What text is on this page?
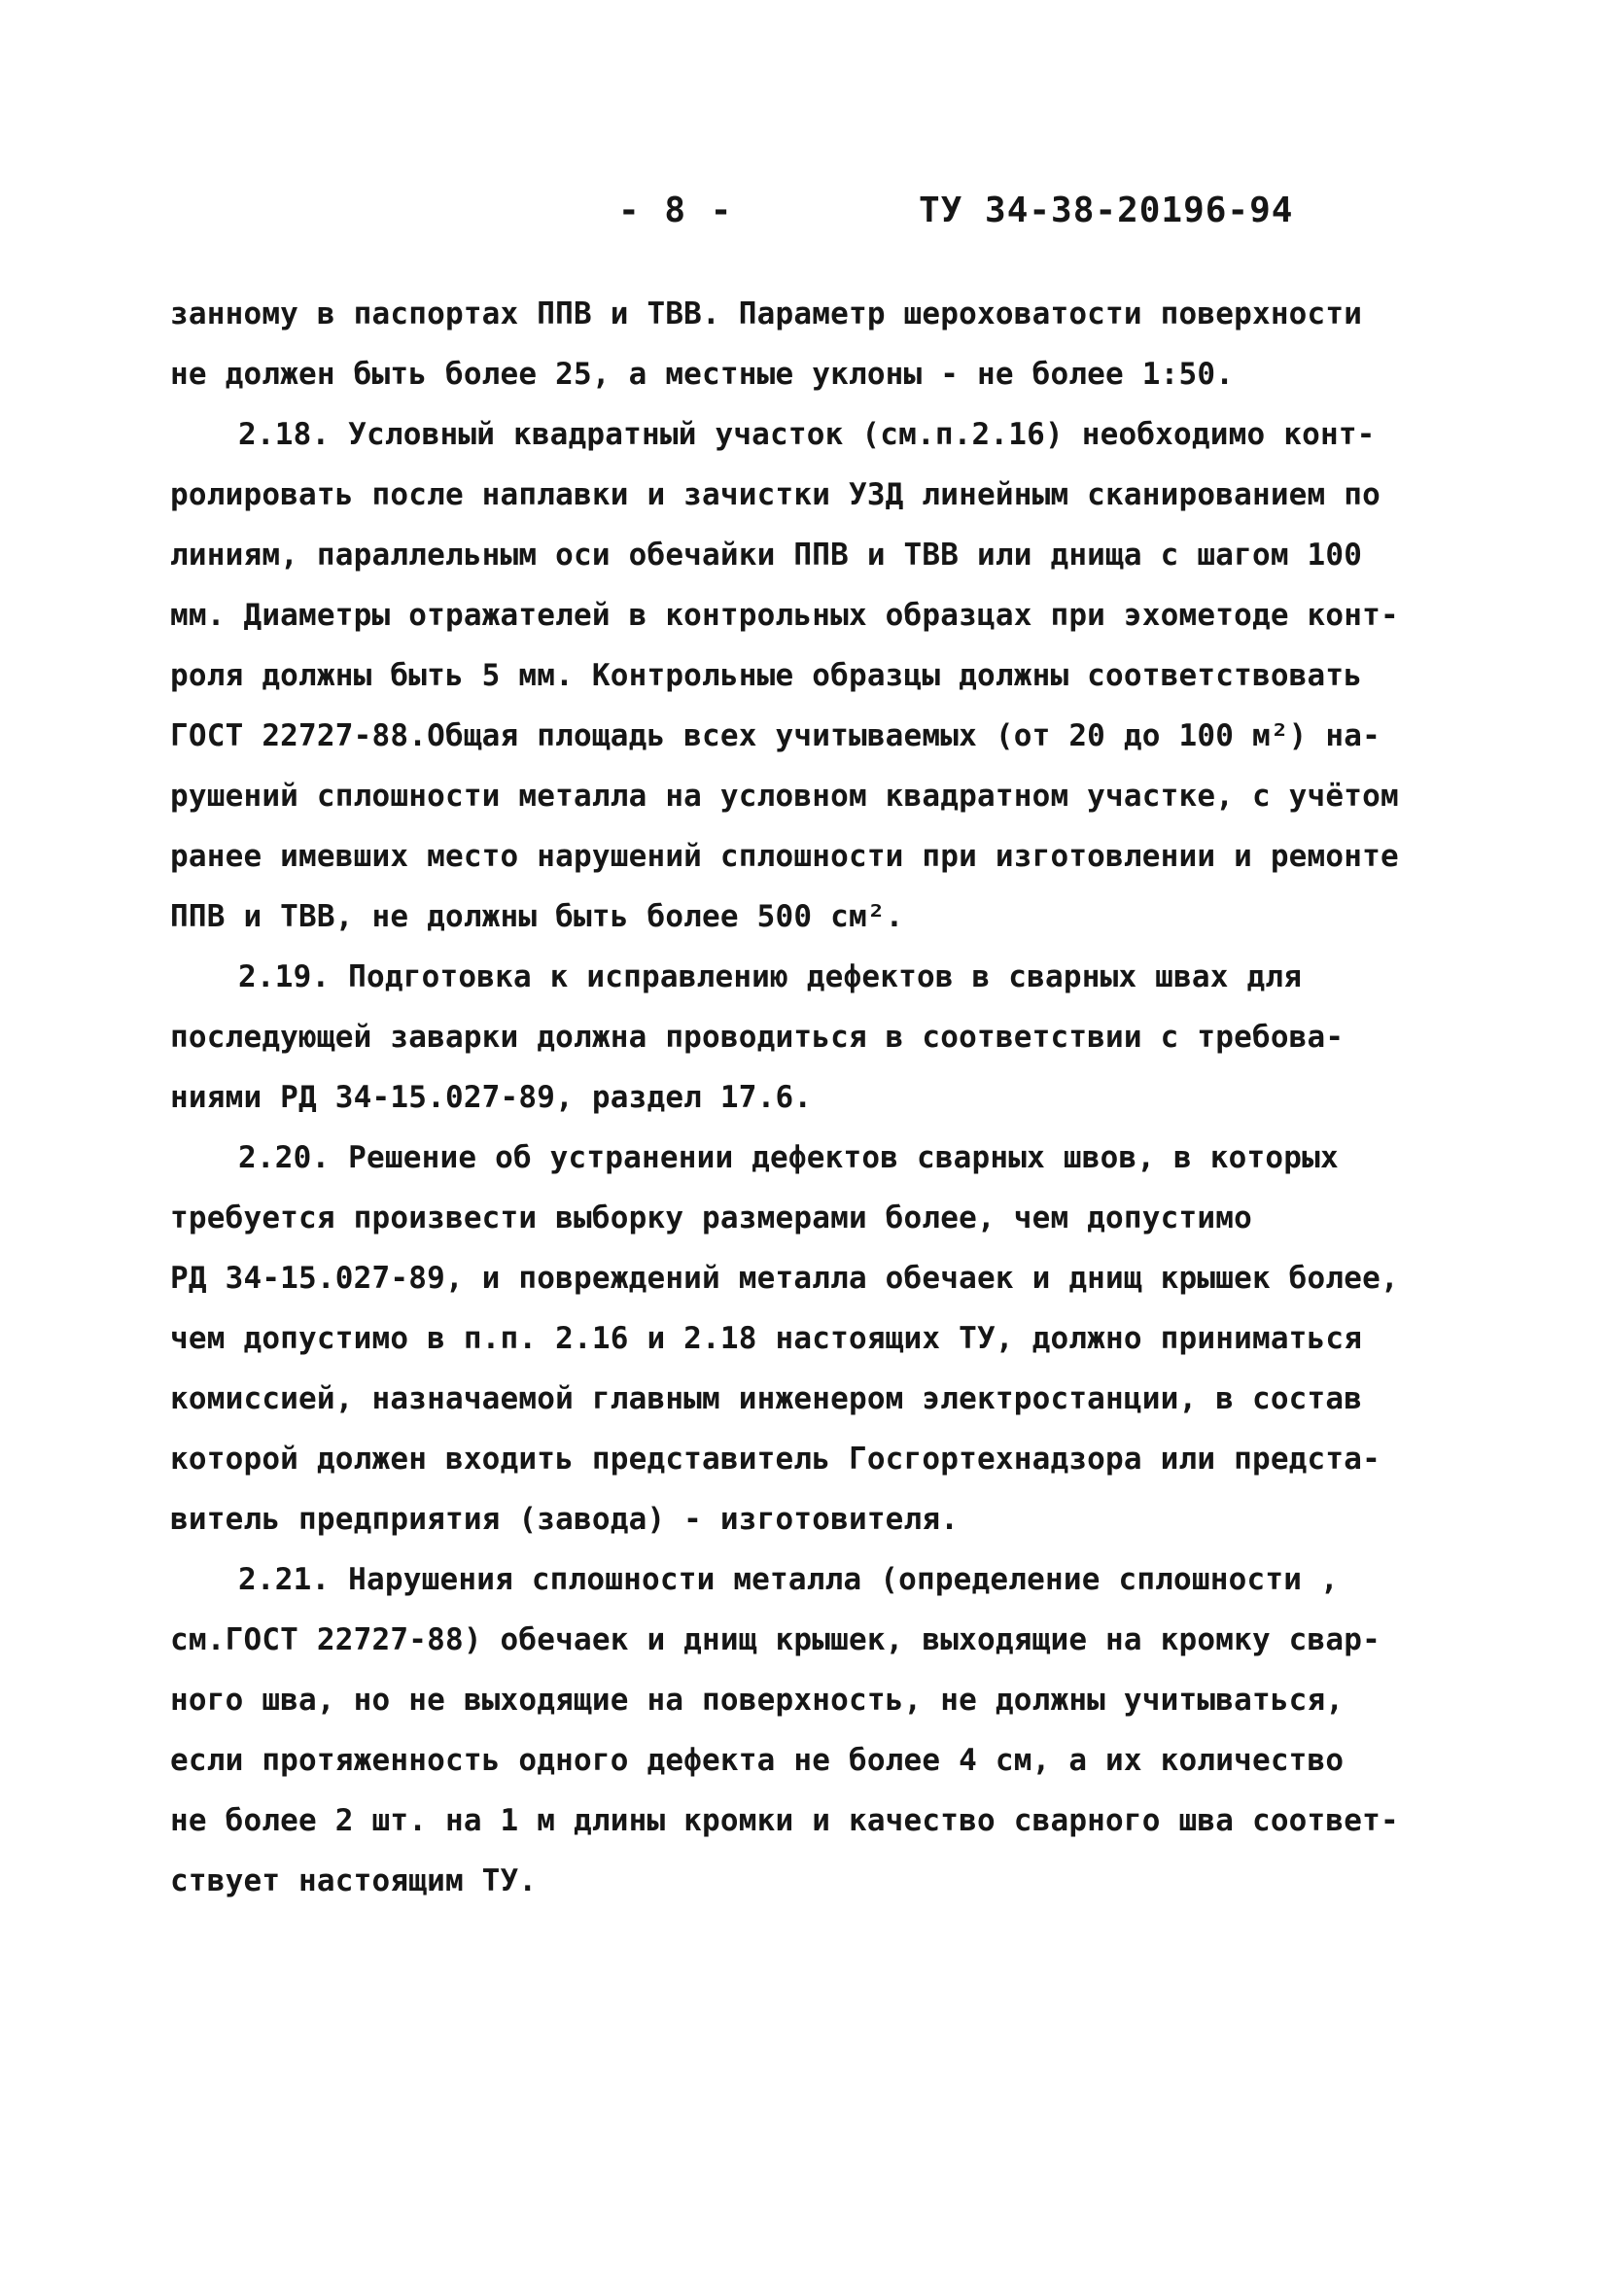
- 8 -	ТУ 34-38-20196-94
занному в паспортах ППВ и ТВВ. Параметр шероховатости поверхности
не должен быть более 25, а местные уклоны - не более 1:50.
2.18. Условный квадратный участок (см.п.2.16) необходимо конт-
ролировать после наплавки и зачистки УЗД линейным сканированием по
линиям, параллельным оси обечайки ППВ и ТВВ или днища с шагом 100
мм. Диаметры отражателей в контрольных образцах при эхометоде конт-
роля должны быть 5 мм. Контрольные образцы должны соответствовать
ГОСТ 22727-88.Общая площадь всех учитываемых (от 20 до 100 м²) на-
рушений сплошности металла на условном квадратном участке, с учётом
ранее имевших место нарушений сплошности при изготовлении и ремонте
ППВ и ТВВ, не должны быть более 500 см².
2.19. Подготовка к исправлению дефектов в сварных швах для
последующей заварки должна проводиться в соответствии с требова-
ниями РД 34-15.027-89, раздел 17.6.
2.20. Решение об устранении дефектов сварных швов, в которых
требуется произвести выборку размерами более, чем допустимо
РД 34-15.027-89, и повреждений металла обечаек и днищ крышек более,
чем допустимо в п.п. 2.16 и 2.18 настоящих ТУ, должно приниматься
комиссией, назначаемой главным инженером электростанции, в состав
которой должен входить представитель Госгортехнадзора или предста-
витель предприятия (завода) - изготовителя.
2.21. Нарушения сплошности металла (определение сплошности ,
см.ГОСТ 22727-88) обечаек и днищ крышек, выходящие на кромку свар-
ного шва, но не выходящие на поверхность, не должны учитываться,
если протяженность одного дефекта не более 4 см, а их количество
не более 2 шт. на 1 м длины кромки и качество сварного шва соответ-
ствует настоящим ТУ.
